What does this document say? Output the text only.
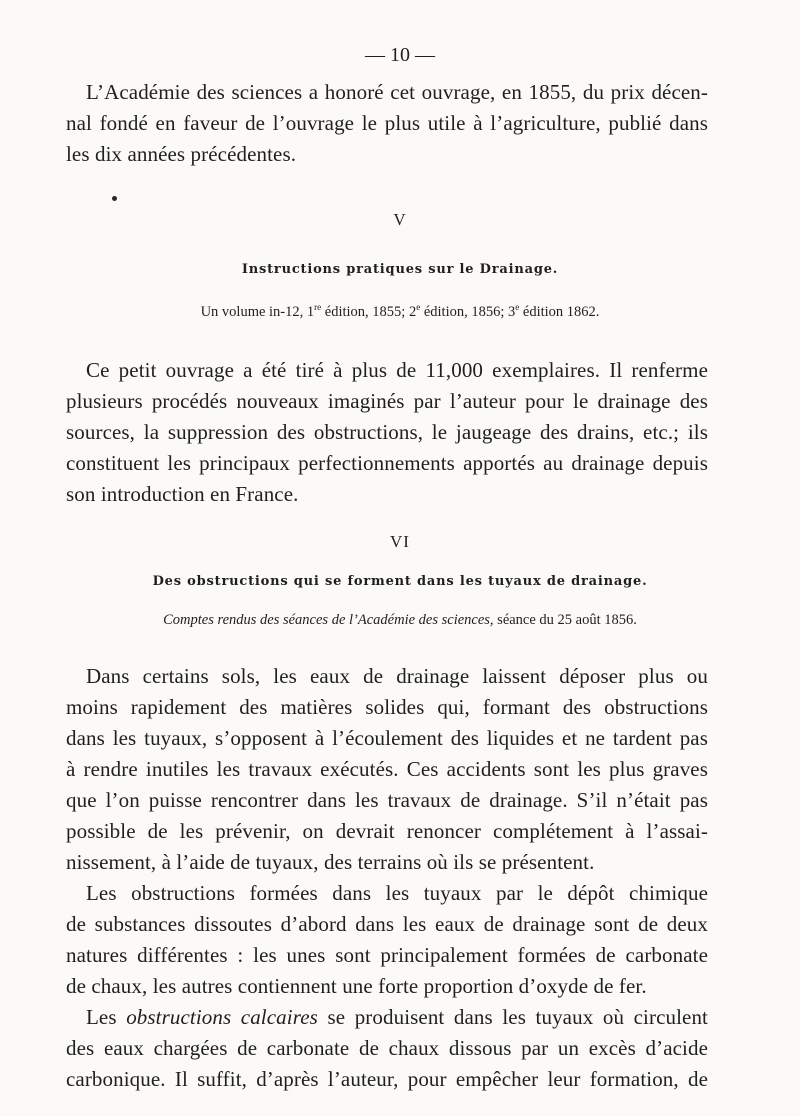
— 10 —
L’Académie des sciences a honoré cet ouvrage, en 1855, du prix décen-
nal fondé en faveur de l’ouvrage le plus utile à l’agriculture, publié dans
les dix années précédentes.
V
Instructions pratiques sur le Drainage.
Un volume in-12, 1re édition, 1855; 2e édition, 1856; 3e édition 1862.
Ce petit ouvrage a été tiré à plus de 11,000 exemplaires. Il renferme
plusieurs procédés nouveaux imaginés par l’auteur pour le drainage des
sources, la suppression des obstructions, le jaugeage des drains, etc.; ils
constituent les principaux perfectionnements apportés au drainage depuis
son introduction en France.
VI
Des obstructions qui se forment dans les tuyaux de drainage.
Comptes rendus des séances de l’Académie des sciences, séance du 25 août 1856.
Dans certains sols, les eaux de drainage laissent déposer plus ou
moins rapidement des matières solides qui, formant des obstructions
dans les tuyaux, s’opposent à l’écoulement des liquides et ne tardent pas
à rendre inutiles les travaux exécutés. Ces accidents sont les plus graves
que l’on puisse rencontrer dans les travaux de drainage. S’il n’était pas
possible de les prévenir, on devrait renoncer complétement à l’assai-
nissement, à l’aide de tuyaux, des terrains où ils se présentent.
Les obstructions formées dans les tuyaux par le dépôt chimique
de substances dissoutes d’abord dans les eaux de drainage sont de deux
natures différentes : les unes sont principalement formées de carbonate
de chaux, les autres contiennent une forte proportion d’oxyde de fer.
Les obstructions calcaires se produisent dans les tuyaux où circulent
des eaux chargées de carbonate de chaux dissous par un excès d’acide
carbonique. Il suffit, d’après l’auteur, pour empêcher leur formation, de
